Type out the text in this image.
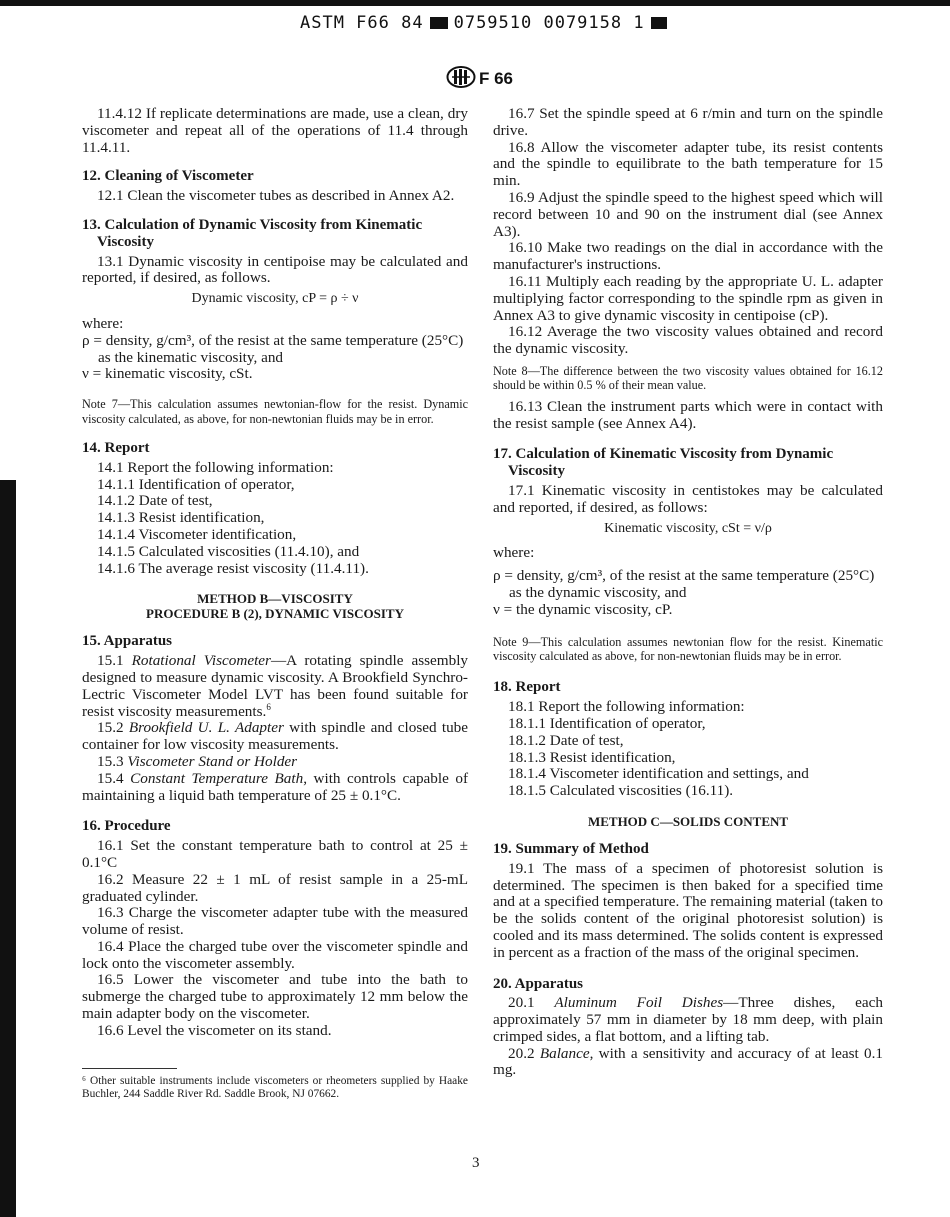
ASTM F66 84 0759510 0079158 1
F 66

11.4.12 If replicate determinations are made, use a clean, dry viscometer and repeat all of the operations of 11.4 through 11.4.11.

12. Cleaning of Viscometer

12.1 Clean the viscometer tubes as described in Annex A2.

13. Calculation of Dynamic Viscosity from Kinematic Viscosity

13.1 Dynamic viscosity in centipoise may be calculated and reported, if desired, as follows.

Dynamic viscosity, cP = ρ ÷ ν

where:

ρ = density, g/cm³, of the resist at the same temperature (25°C) as the kinematic viscosity, and

ν = kinematic viscosity, cSt.

Note 7—This calculation assumes newtonian-flow for the resist. Dynamic viscosity calculated, as above, for non-newtonian fluids may be in error.

14. Report

14.1 Report the following information:

14.1.1 Identification of operator,

14.1.2 Date of test,

14.1.3 Resist identification,

14.1.4 Viscometer identification,

14.1.5 Calculated viscosities (11.4.10), and

14.1.6 The average resist viscosity (11.4.11).

METHOD B—VISCOSITY
PROCEDURE B (2), DYNAMIC VISCOSITY
15. Apparatus

15.1 Rotational Viscometer—A rotating spindle assembly designed to measure dynamic viscosity. A Brookfield Synchro-Lectric Viscometer Model LVT has been found suitable for resist viscosity measurements.$^6$

15.2 Brookfield U. L. Adapter with spindle and closed tube container for low viscosity measurements.

15.3 Viscometer Stand or Holder

15.4 Constant Temperature Bath, with controls capable of maintaining a liquid bath temperature of 25 ± 0.1°C.

16. Procedure

16.1 Set the constant temperature bath to control at 25 ± 0.1°C

16.2 Measure 22 ± 1 mL of resist sample in a 25-mL graduated cylinder.

16.3 Charge the viscometer adapter tube with the measured volume of resist.

16.4 Place the charged tube over the viscometer spindle and lock onto the viscometer assembly.

16.5 Lower the viscometer and tube into the bath to submerge the charged tube to approximately 12 mm below the main adapter body on the viscometer.

16.6 Level the viscometer on its stand.

⁶ Other suitable instruments include viscometers or rheometers supplied by Haake Buchler, 244 Saddle River Rd. Saddle Brook, NJ 07662.

16.7 Set the spindle speed at 6 r/min and turn on the spindle drive.

16.8 Allow the viscometer adapter tube, its resist contents and the spindle to equilibrate to the bath temperature for 15 min.

16.9 Adjust the spindle speed to the highest speed which will record between 10 and 90 on the instrument dial (see Annex A3).

16.10 Make two readings on the dial in accordance with the manufacturer's instructions.

16.11 Multiply each reading by the appropriate U. L. adapter multiplying factor corresponding to the spindle rpm as given in Annex A3 to give dynamic viscosity in centipoise (cP).

16.12 Average the two viscosity values obtained and record the dynamic viscosity.

Note 8—The difference between the two viscosity values obtained for 16.12 should be within 0.5 % of their mean value.

16.13 Clean the instrument parts which were in contact with the resist sample (see Annex A4).

17. Calculation of Kinematic Viscosity from Dynamic Viscosity

17.1 Kinematic viscosity in centistokes may be calculated and reported, if desired, as follows:

Kinematic viscosity, cSt = ν/ρ

where:

ρ = density, g/cm³, of the resist at the same temperature (25°C) as the dynamic viscosity, and

ν = the dynamic viscosity, cP.

Note 9—This calculation assumes newtonian flow for the resist. Kinematic viscosity calculated as above, for non-newtonian fluids may be in error.

18. Report

18.1 Report the following information:

18.1.1 Identification of operator,

18.1.2 Date of test,

18.1.3 Resist identification,

18.1.4 Viscometer identification and settings, and

18.1.5 Calculated viscosities (16.11).

METHOD C—SOLIDS CONTENT
19. Summary of Method

19.1 The mass of a specimen of photoresist solution is determined. The specimen is then baked for a specified time and at a specified temperature. The remaining material (taken to be the solids content of the original photoresist solution) is cooled and its mass determined. The solids content is expressed in percent as a fraction of the mass of the original specimen.

20. Apparatus

20.1 Aluminum Foil Dishes—Three dishes, each approximately 57 mm in diameter by 18 mm deep, with plain crimped sides, a flat bottom, and a lifting tab.

20.2 Balance, with a sensitivity and accuracy of at least 0.1 mg.

3
